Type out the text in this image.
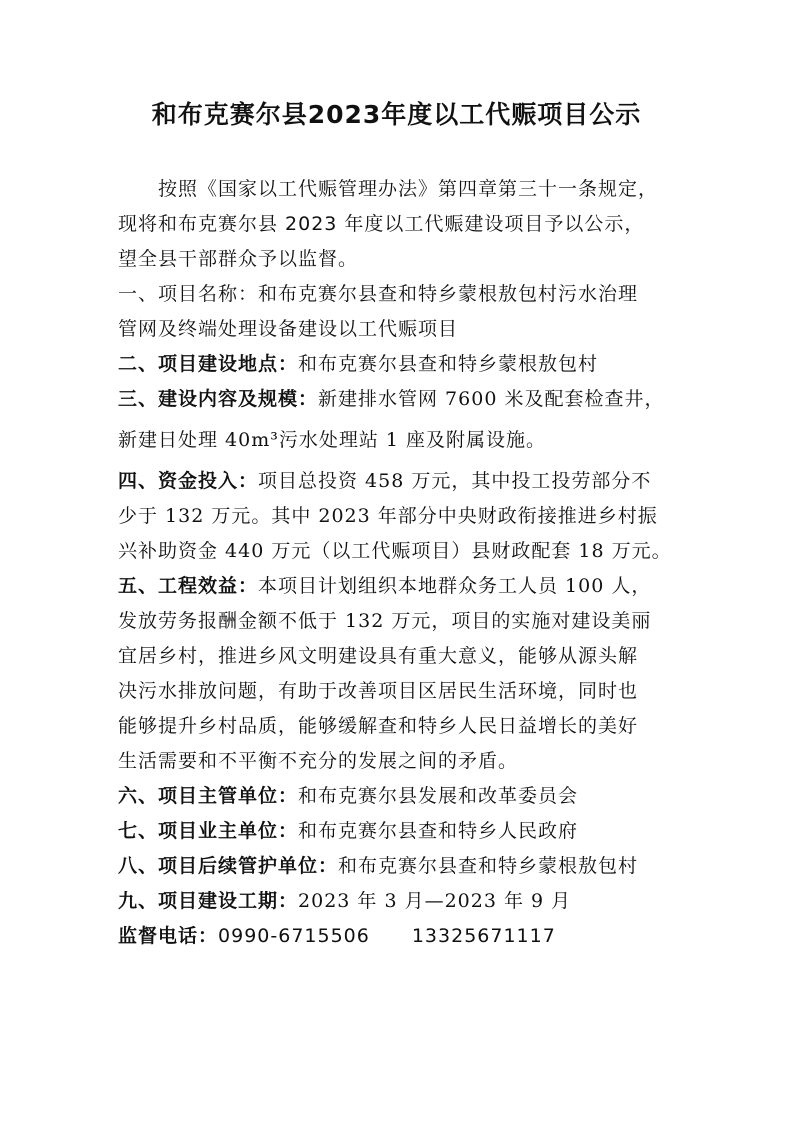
和布克赛尔县2023年度以工代赈项目公示
按照《国家以工代赈管理办法》第四章第三十一条规定，
现将和布克赛尔县 2023 年度以工代赈建设项目予以公示，
望全县干部群众予以监督。
一、项目名称：和布克赛尔县查和特乡蒙根敖包村污水治理
管网及终端处理设备建设以工代赈项目
二、项目建设地点：和布克赛尔县查和特乡蒙根敖包村
三、建设内容及规模：新建排水管网 7600 米及配套检查井，
新建日处理 40m³污水处理站 1 座及附属设施。
四、资金投入：项目总投资 458 万元，其中投工投劳部分不
少于 132 万元。其中 2023 年部分中央财政衔接推进乡村振
兴补助资金 440 万元（以工代赈项目）县财政配套 18 万元。
五、工程效益：本项目计划组织本地群众务工人员 100 人，
发放劳务报酬金额不低于 132 万元，项目的实施对建设美丽
宜居乡村，推进乡风文明建设具有重大意义，能够从源头解
决污水排放问题，有助于改善项目区居民生活环境，同时也
能够提升乡村品质，能够缓解查和特乡人民日益增长的美好
生活需要和不平衡不充分的发展之间的矛盾。
六、项目主管单位：和布克赛尔县发展和改革委员会
七、项目业主单位：和布克赛尔县查和特乡人民政府
八、项目后续管护单位：和布克赛尔县查和特乡蒙根敖包村
九、项目建设工期：2023 年 3 月—2023 年 9 月
监督电话：0990-6715506 13325671117
